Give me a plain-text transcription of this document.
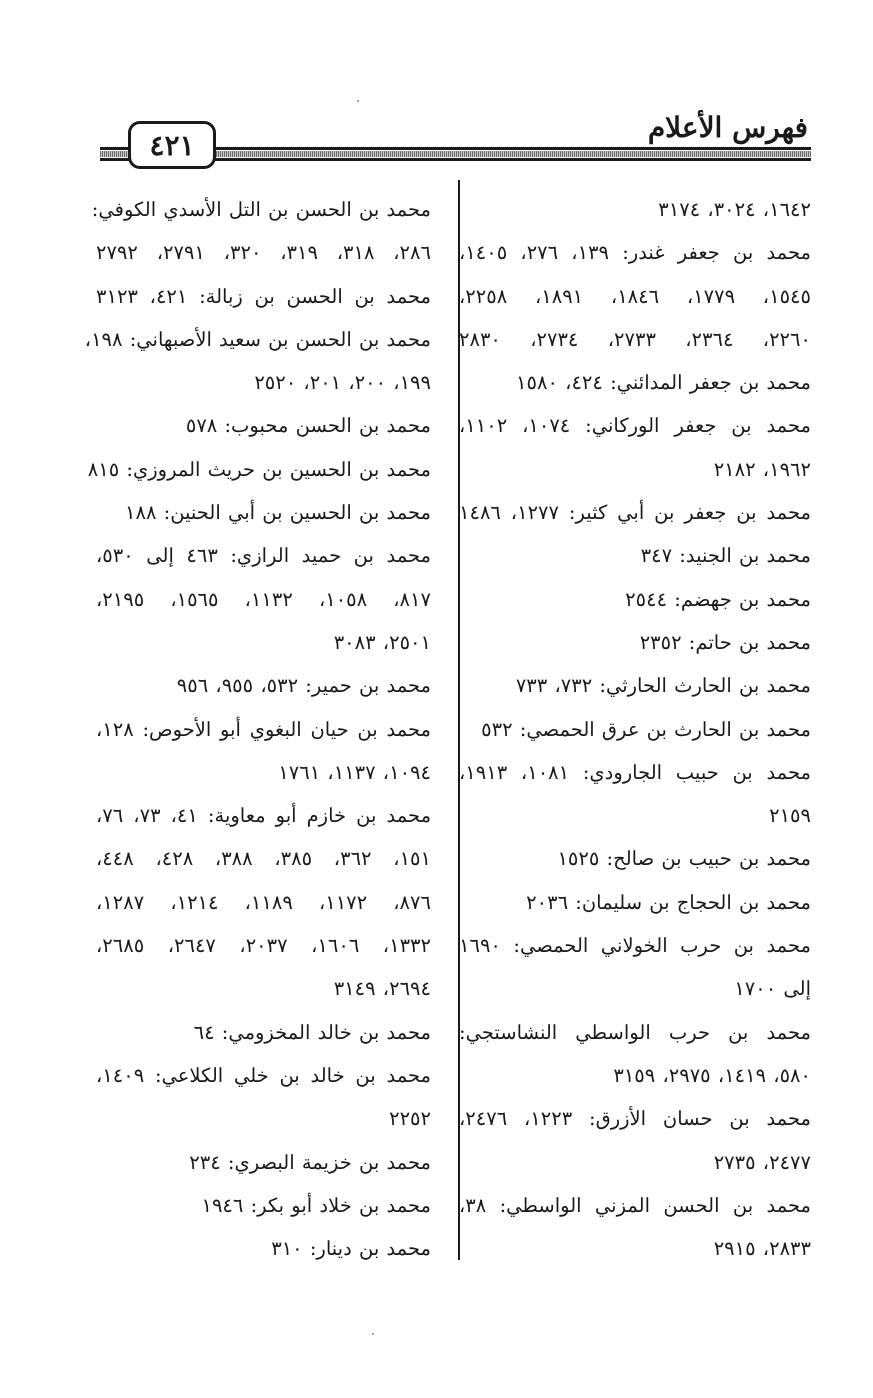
فهرس الأعلام
٤٢١
١٦٤٢، ٣٠٢٤، ٣١٧٤
محمد بن جعفر غندر: ١٣٩، ٢٧٦، ١٤٠٥،
١٥٤٥، ١٧٧٩، ١٨٤٦، ١٨٩١، ٢٢٥٨،
٢٢٦٠، ٢٣٦٤، ٢٧٣٣، ٢٧٣٤، ٢٨٣٠
محمد بن جعفر المدائني: ٤٢٤، ١٥٨٠
محمد بن جعفر الوركاني: ١٠٧٤، ١١٠٢،
١٩٦٢، ٢١٨٢
محمد بن جعفر بن أبي كثير: ١٢٧٧، ١٤٨٦
محمد بن الجنيد: ٣٤٧
محمد بن جهضم: ٢٥٤٤
محمد بن حاتم: ٢٣٥٢
محمد بن الحارث الحارثي: ٧٣٢، ٧٣٣
محمد بن الحارث بن عرق الحمصي: ٥٣٢
محمد بن حبيب الجارودي: ١٠٨١، ١٩١٣،
٢١٥٩
محمد بن حبيب بن صالح: ١٥٢٥
محمد بن الحجاج بن سليمان: ٢٠٣٦
محمد بن حرب الخولاني الحمصي: ١٦٩٠
إلى ١٧٠٠
محمد بن حرب الواسطي النشاستجي:
٥٨٠، ١٤١٩، ٢٩٧٥، ٣١٥٩
محمد بن حسان الأزرق: ١٢٢٣، ٢٤٧٦،
٢٤٧٧، ٢٧٣٥
محمد بن الحسن المزني الواسطي: ٣٨،
٢٨٣٣، ٢٩١٥
محمد بن الحسن بن التل الأسدي الكوفي:
٢٨٦، ٣١٨، ٣١٩، ٣٢٠، ٢٧٩١، ٢٧٩٢
محمد بن الحسن بن زبالة: ٤٢١، ٣١٢٣
محمد بن الحسن بن سعيد الأصبهاني: ١٩٨،
١٩٩، ٢٠٠، ٢٠١، ٢٥٢٠
محمد بن الحسن محبوب: ٥٧٨
محمد بن الحسين بن حريث المروزي: ٨١٥
محمد بن الحسين بن أبي الحنين: ١٨٨
محمد بن حميد الرازي: ٤٦٣ إلى ٥٣٠،
٨١٧، ١٠٥٨، ١١٣٢، ١٥٦٥، ٢١٩٥،
٢٥٠١، ٣٠٨٣
محمد بن حمير: ٥٣٢، ٩٥٥، ٩٥٦
محمد بن حيان البغوي أبو الأحوص: ١٢٨،
١٠٩٤، ١١٣٧، ١٧٦١
محمد بن خازم أبو معاوية: ٤١، ٧٣، ٧٦،
١٥١، ٣٦٢، ٣٨٥، ٣٨٨، ٤٢٨، ٤٤٨،
٨٧٦، ١١٧٢، ١١٨٩، ١٢١٤، ١٢٨٧،
١٣٣٢، ١٦٠٦، ٢٠٣٧، ٢٦٤٧، ٢٦٨٥،
٢٦٩٤، ٣١٤٩
محمد بن خالد المخزومي: ٦٤
محمد بن خالد بن خلي الكلاعي: ١٤٠٩،
٢٢٥٢
محمد بن خزيمة البصري: ٢٣٤
محمد بن خلاد أبو بكر: ١٩٤٦
محمد بن دينار: ٣١٠
